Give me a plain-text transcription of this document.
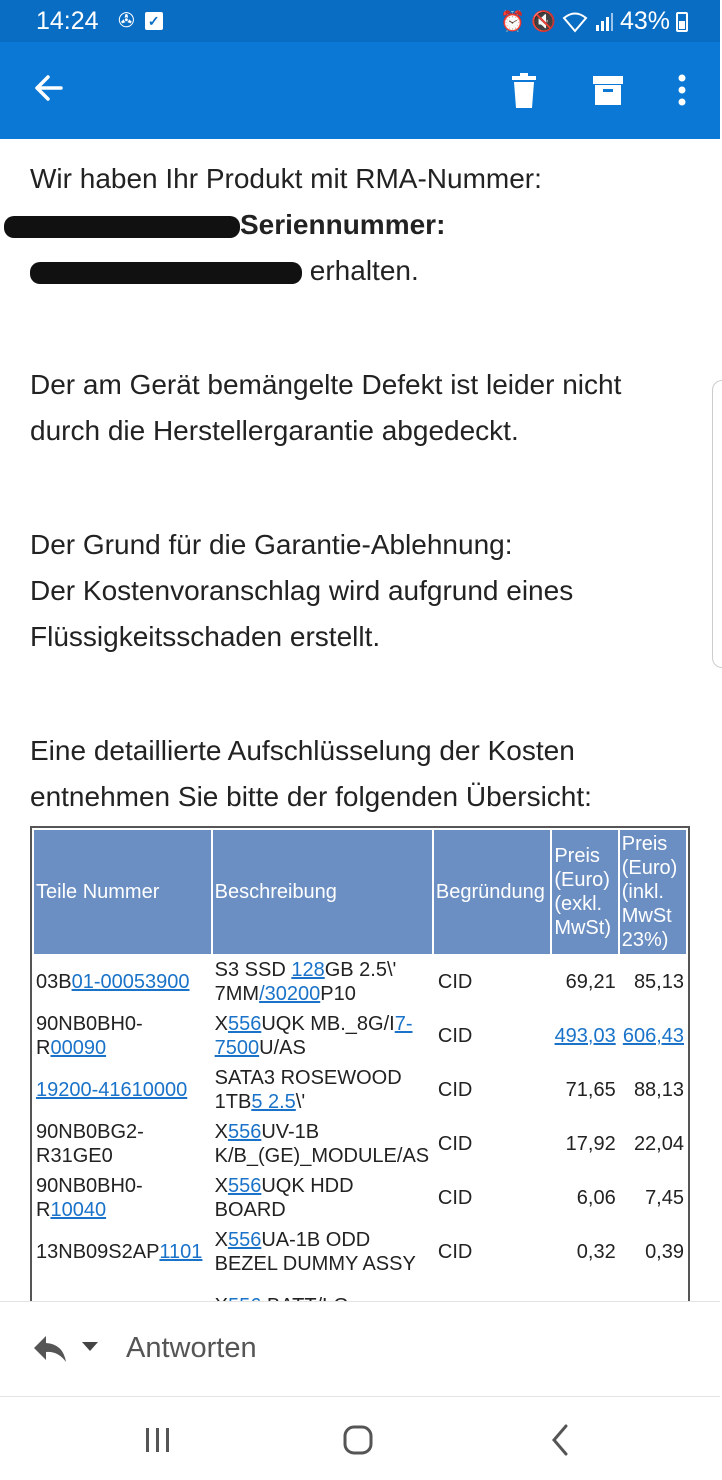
14:24 ✇ ✓	⏰ 🔇	43%

Wir haben Ihr Produkt mit RMA-Nummer:

Seriennummer:

erhalten.

Der am Gerät bemängelte Defekt ist leider nicht durch die Herstellergarantie abgedeckt.

Der Grund für die Garantie-Ablehnung:

Der Kostenvoranschlag wird aufgrund eines Flüssigkeitsschaden erstellt.

Eine detaillierte Aufschlüsselung der Kosten entnehmen Sie bitte der folgenden Übersicht:

Teile Nummer	Beschreibung	Begründung	Preis (Euro) (exkl. MwSt)	Preis (Euro) (inkl. MwSt 23%)
03B01-00053900	S3 SSD 128GB 2.5\' 7MM/30200P10	CID	69,21	85,13
90NB0BH0-R00090	X556UQK MB._8G/I7-7500U/AS	CID	493,03	606,43
19200-41610000	SATA3 ROSEWOOD 1TB5 2.5\'	CID	71,65	88,13
90NB0BG2-R31GE0	X556UV-1B K/B_(GE)_MODULE/AS	CID	17,92	22,04
90NB0BH0-R10040	X556UQK HDD BOARD	CID	6,06	7,45
13NB09S2AP1101	X556UA-1B ODD BEZEL DUMMY ASSY	CID	0,32	0,39

Antworten
